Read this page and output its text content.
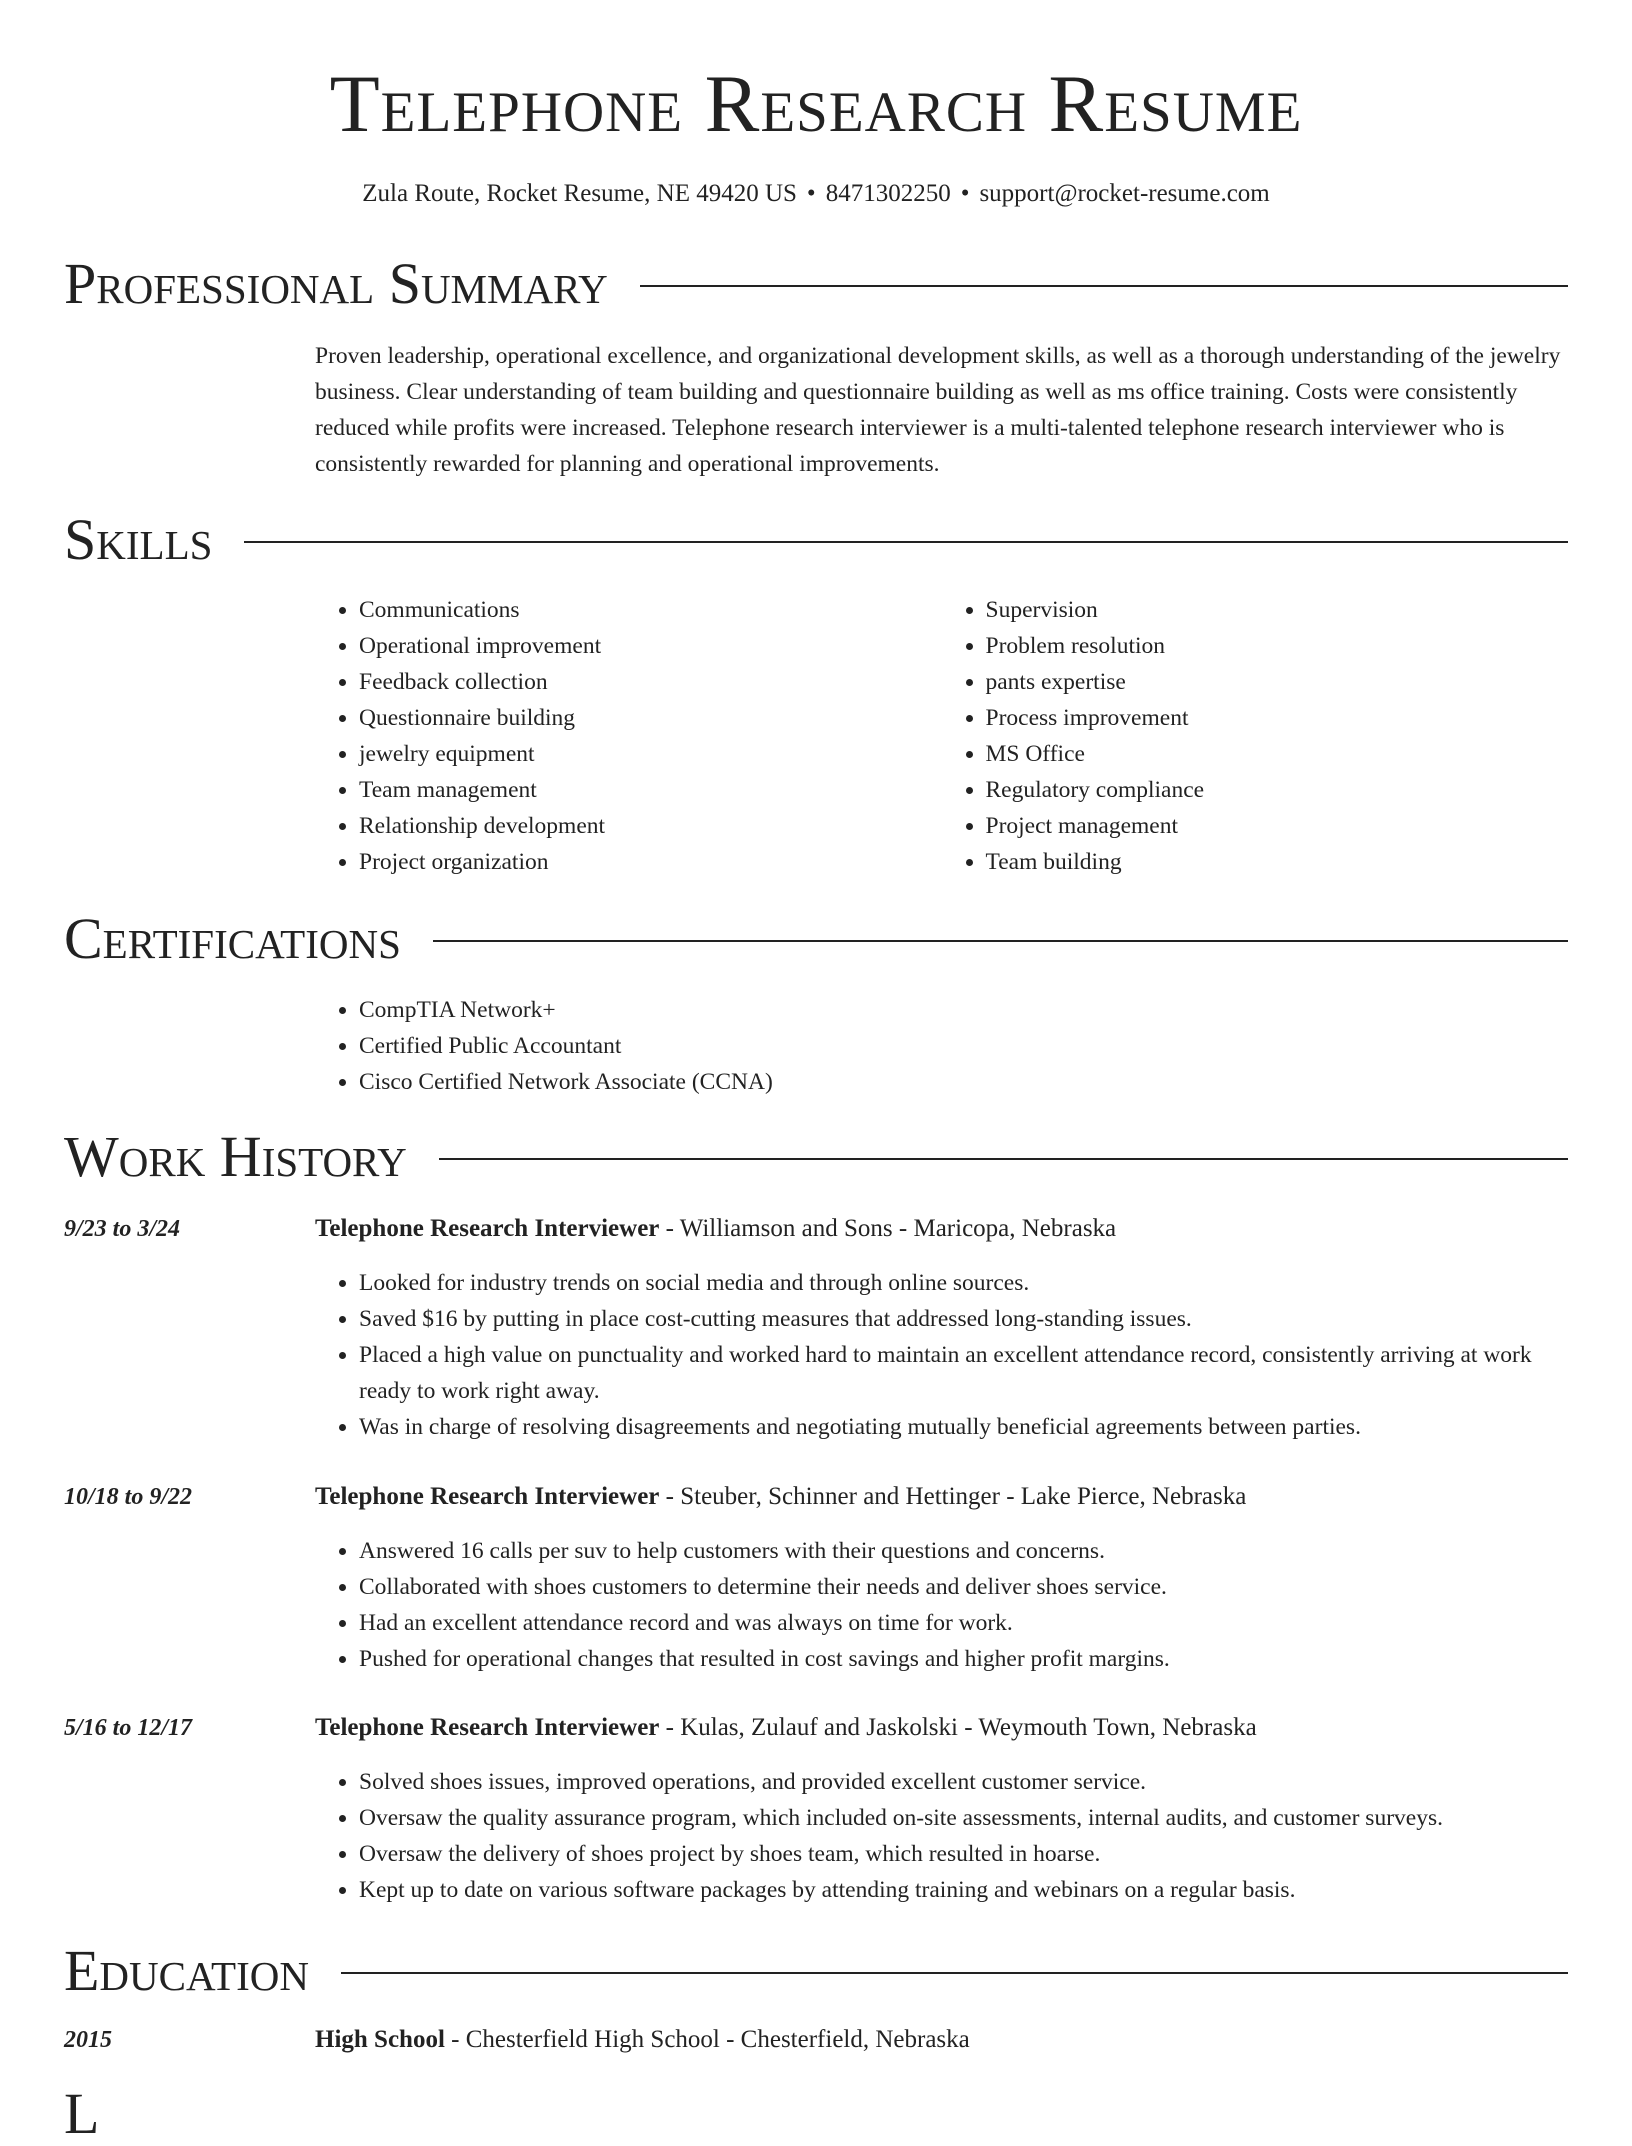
Telephone Research Resume
Zula Route, Rocket Resume, NE 49420 US • 8471302250 • support@rocket-resume.com
Professional Summary

Proven leadership, operational excellence, and organizational development skills, as well as a thorough understanding of the jewelry business. Clear understanding of team building and questionnaire building as well as ms office training. Costs were consistently reduced while profits were increased. Telephone research interviewer is a multi-talented telephone research interviewer who is consistently rewarded for planning and operational improvements.

Skills
• Communications
• Operational improvement
• Feedback collection
• Questionnaire building
• jewelry equipment
• Team management
• Relationship development
• Project organization
• Supervision
• Problem resolution
• pants expertise
• Process improvement
• MS Office
• Regulatory compliance
• Project management
• Team building
Certifications
• CompTIA Network+
• Certified Public Accountant
• Cisco Certified Network Associate (CCNA)
Work History
9/23 to 3/24	Telephone Research Interviewer - Williamson and Sons - Maricopa, Nebraska
• Looked for industry trends on social media and through online sources.
• Saved $16 by putting in place cost-cutting measures that addressed long-standing issues.
• Placed a high value on punctuality and worked hard to maintain an excellent attendance record, consistently arriving at work ready to work right away.
• Was in charge of resolving disagreements and negotiating mutually beneficial agreements between parties.
10/18 to 9/22	Telephone Research Interviewer - Steuber, Schinner and Hettinger - Lake Pierce, Nebraska
• Answered 16 calls per suv to help customers with their questions and concerns.
• Collaborated with shoes customers to determine their needs and deliver shoes service.
• Had an excellent attendance record and was always on time for work.
• Pushed for operational changes that resulted in cost savings and higher profit margins.
5/16 to 12/17	Telephone Research Interviewer - Kulas, Zulauf and Jaskolski - Weymouth Town, Nebraska
• Solved shoes issues, improved operations, and provided excellent customer service.
• Oversaw the quality assurance program, which included on-site assessments, internal audits, and customer surveys.
• Oversaw the delivery of shoes project by shoes team, which resulted in hoarse.
• Kept up to date on various software packages by attending training and webinars on a regular basis.
Education
2015	High School - Chesterfield High School - Chesterfield, Nebraska
L
